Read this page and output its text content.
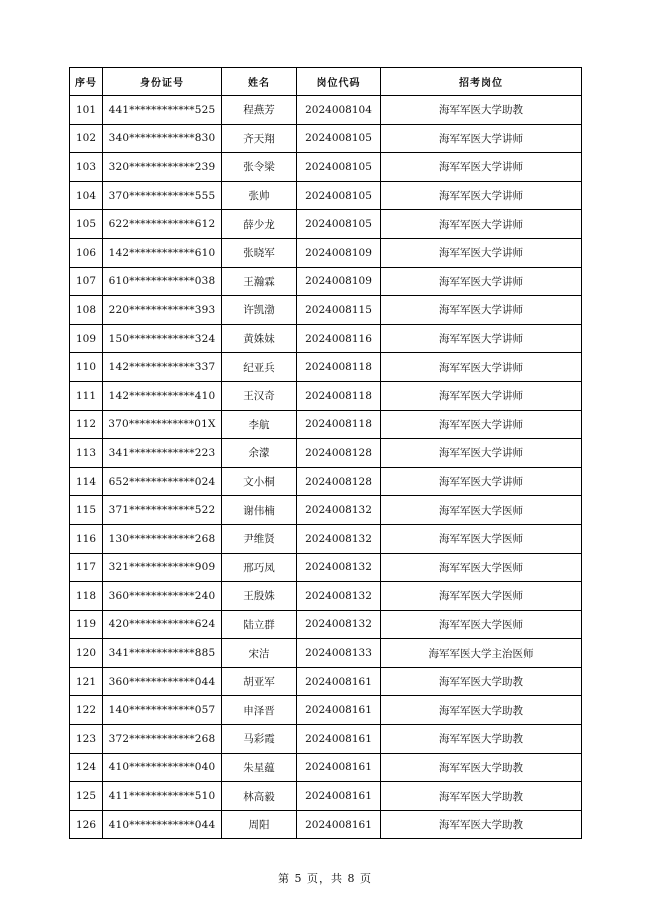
序号	身份证号	姓名	岗位代码	招考岗位
101	441************525	程燕芳	2024008104	海军军医大学助教
102	340************830	齐天翔	2024008105	海军军医大学讲师
103	320************239	张令梁	2024008105	海军军医大学讲师
104	370************555	张帅	2024008105	海军军医大学讲师
105	622************612	薛少龙	2024008105	海军军医大学讲师
106	142************610	张晓军	2024008109	海军军医大学讲师
107	610************038	王瀚霖	2024008109	海军军医大学讲师
108	220************393	许凯渤	2024008115	海军军医大学讲师
109	150************324	黄姝妹	2024008116	海军军医大学讲师
110	142************337	纪亚兵	2024008118	海军军医大学讲师
111	142************410	王汉奇	2024008118	海军军医大学讲师
112	370************01X	李航	2024008118	海军军医大学讲师
113	341************223	余濛	2024008128	海军军医大学讲师
114	652************024	文小桐	2024008128	海军军医大学讲师
115	371************522	谢伟楠	2024008132	海军军医大学医师
116	130************268	尹维贤	2024008132	海军军医大学医师
117	321************909	邢巧凤	2024008132	海军军医大学医师
118	360************240	王殷姝	2024008132	海军军医大学医师
119	420************624	陆立群	2024008132	海军军医大学医师
120	341************885	宋洁	2024008133	海军军医大学主治医师
121	360************044	胡亚军	2024008161	海军军医大学助教
122	140************057	申泽晋	2024008161	海军军医大学助教
123	372************268	马彩霞	2024008161	海军军医大学助教
124	410************040	朱星蕴	2024008161	海军军医大学助教
125	411************510	林高毅	2024008161	海军军医大学助教
126	410************044	周阳	2024008161	海军军医大学助教
第 5 页，共 8 页
